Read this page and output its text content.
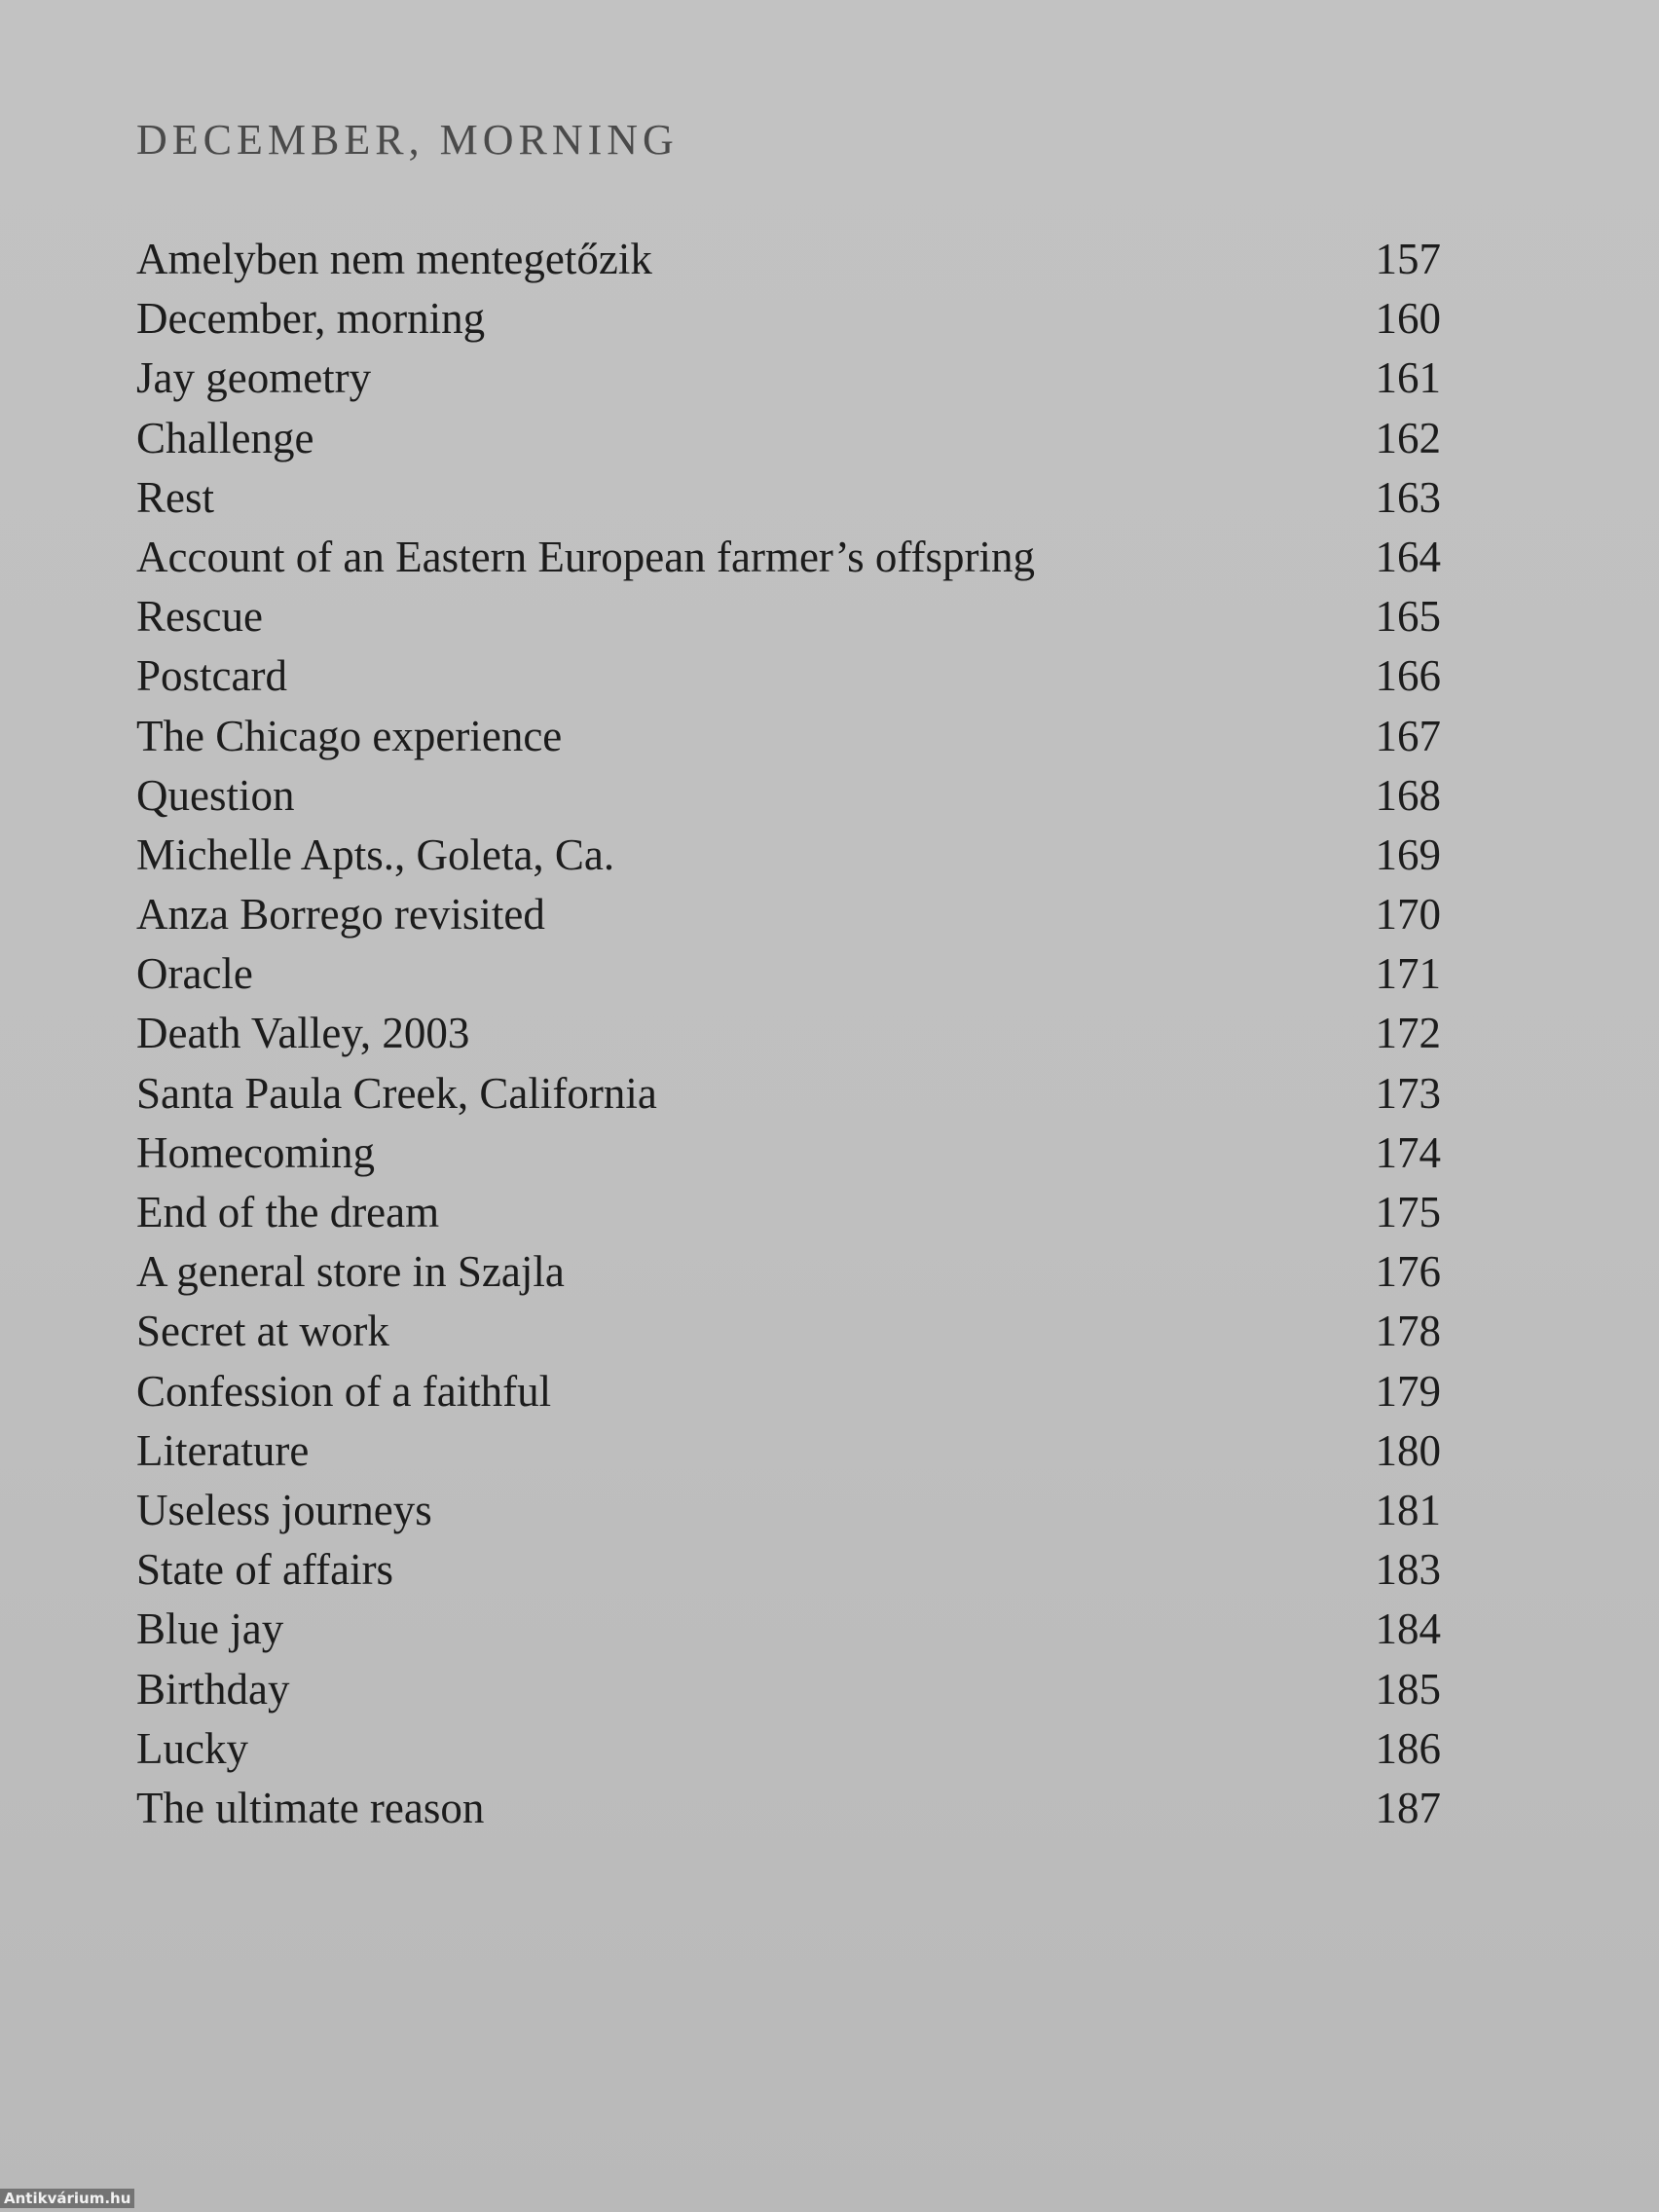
DECEMBER, MORNING
Amelyben nem mentegetőzik	157
December, morning	160
Jay geometry	161
Challenge	162
Rest	163
Account of an Eastern European farmer’s offspring	164
Rescue	165
Postcard	166
The Chicago experience	167
Question	168
Michelle Apts., Goleta, Ca.	169
Anza Borrego revisited	170
Oracle	171
Death Valley, 2003	172
Santa Paula Creek, California	173
Homecoming	174
End of the dream	175
A general store in Szajla	176
Secret at work	178
Confession of a faithful	179
Literature	180
Useless journeys	181
State of affairs	183
Blue jay	184
Birthday	185
Lucky	186
The ultimate reason	187
Antikvárium.hu
